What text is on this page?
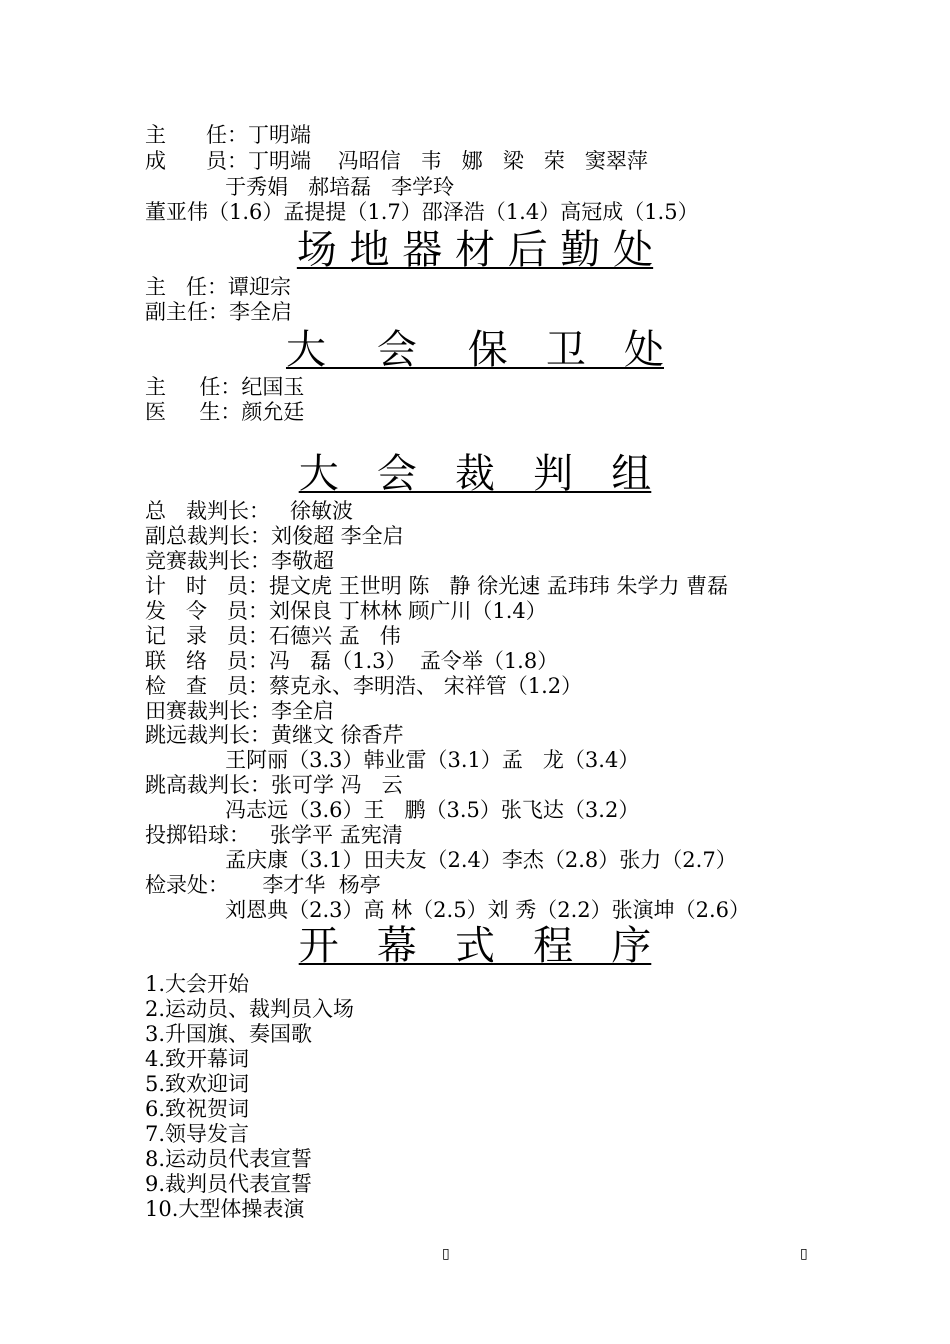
主      任：丁明端
成      员：丁明端    冯昭信   韦   娜   梁   荣   窦翠萍
于秀娟   郝培磊   李学玲
董亚伟（1.6）孟提提（1.7）邵泽浩（1.4）高冠成（1.5）
场 地 器 材 后 勤 处
主   任：谭迎宗
副主任：李全启
大    会    保   卫   处
主     任：纪国玉
医     生：颜允廷
大   会   裁   判   组
总   裁判长：   徐敏波
副总裁判长：刘俊超 李全启
竞赛裁判长：李敬超
计   时   员：提文虎 王世明 陈   静 徐光速 孟玮玮 朱学力 曹磊
发   令   员：刘保良 丁林林 顾广川（1.4）
记   录   员：石德兴 孟   伟
联   络   员：冯   磊（1.3）  孟令举（1.8）
检   查   员：蔡克永、李明浩、 宋祥管（1.2）
田赛裁判长：李全启
跳远裁判长：黄继文 徐香芹
王阿丽（3.3）韩业雷（3.1）孟   龙（3.4）
跳高裁判长：张可学 冯   云
冯志远（3.6）王   鹏（3.5）张飞达（3.2）
投掷铅球：   张学平 孟宪清
孟庆康（3.1）田夫友（2.4）李杰（2.8）张力（2.7）
检录处：     李才华  杨亭
刘恩典（2.3）高 林（2.5）刘 秀（2.2）张演坤（2.6）
开   幕   式   程   序
1.大会开始
2.运动员、裁判员入场
3.升国旗、奏国歌
4.致开幕词
5.致欢迎词
6.致祝贺词
7.领导发言
8.运动员代表宣誓
9.裁判员代表宣誓
10.大型体操表演
▯	▯
